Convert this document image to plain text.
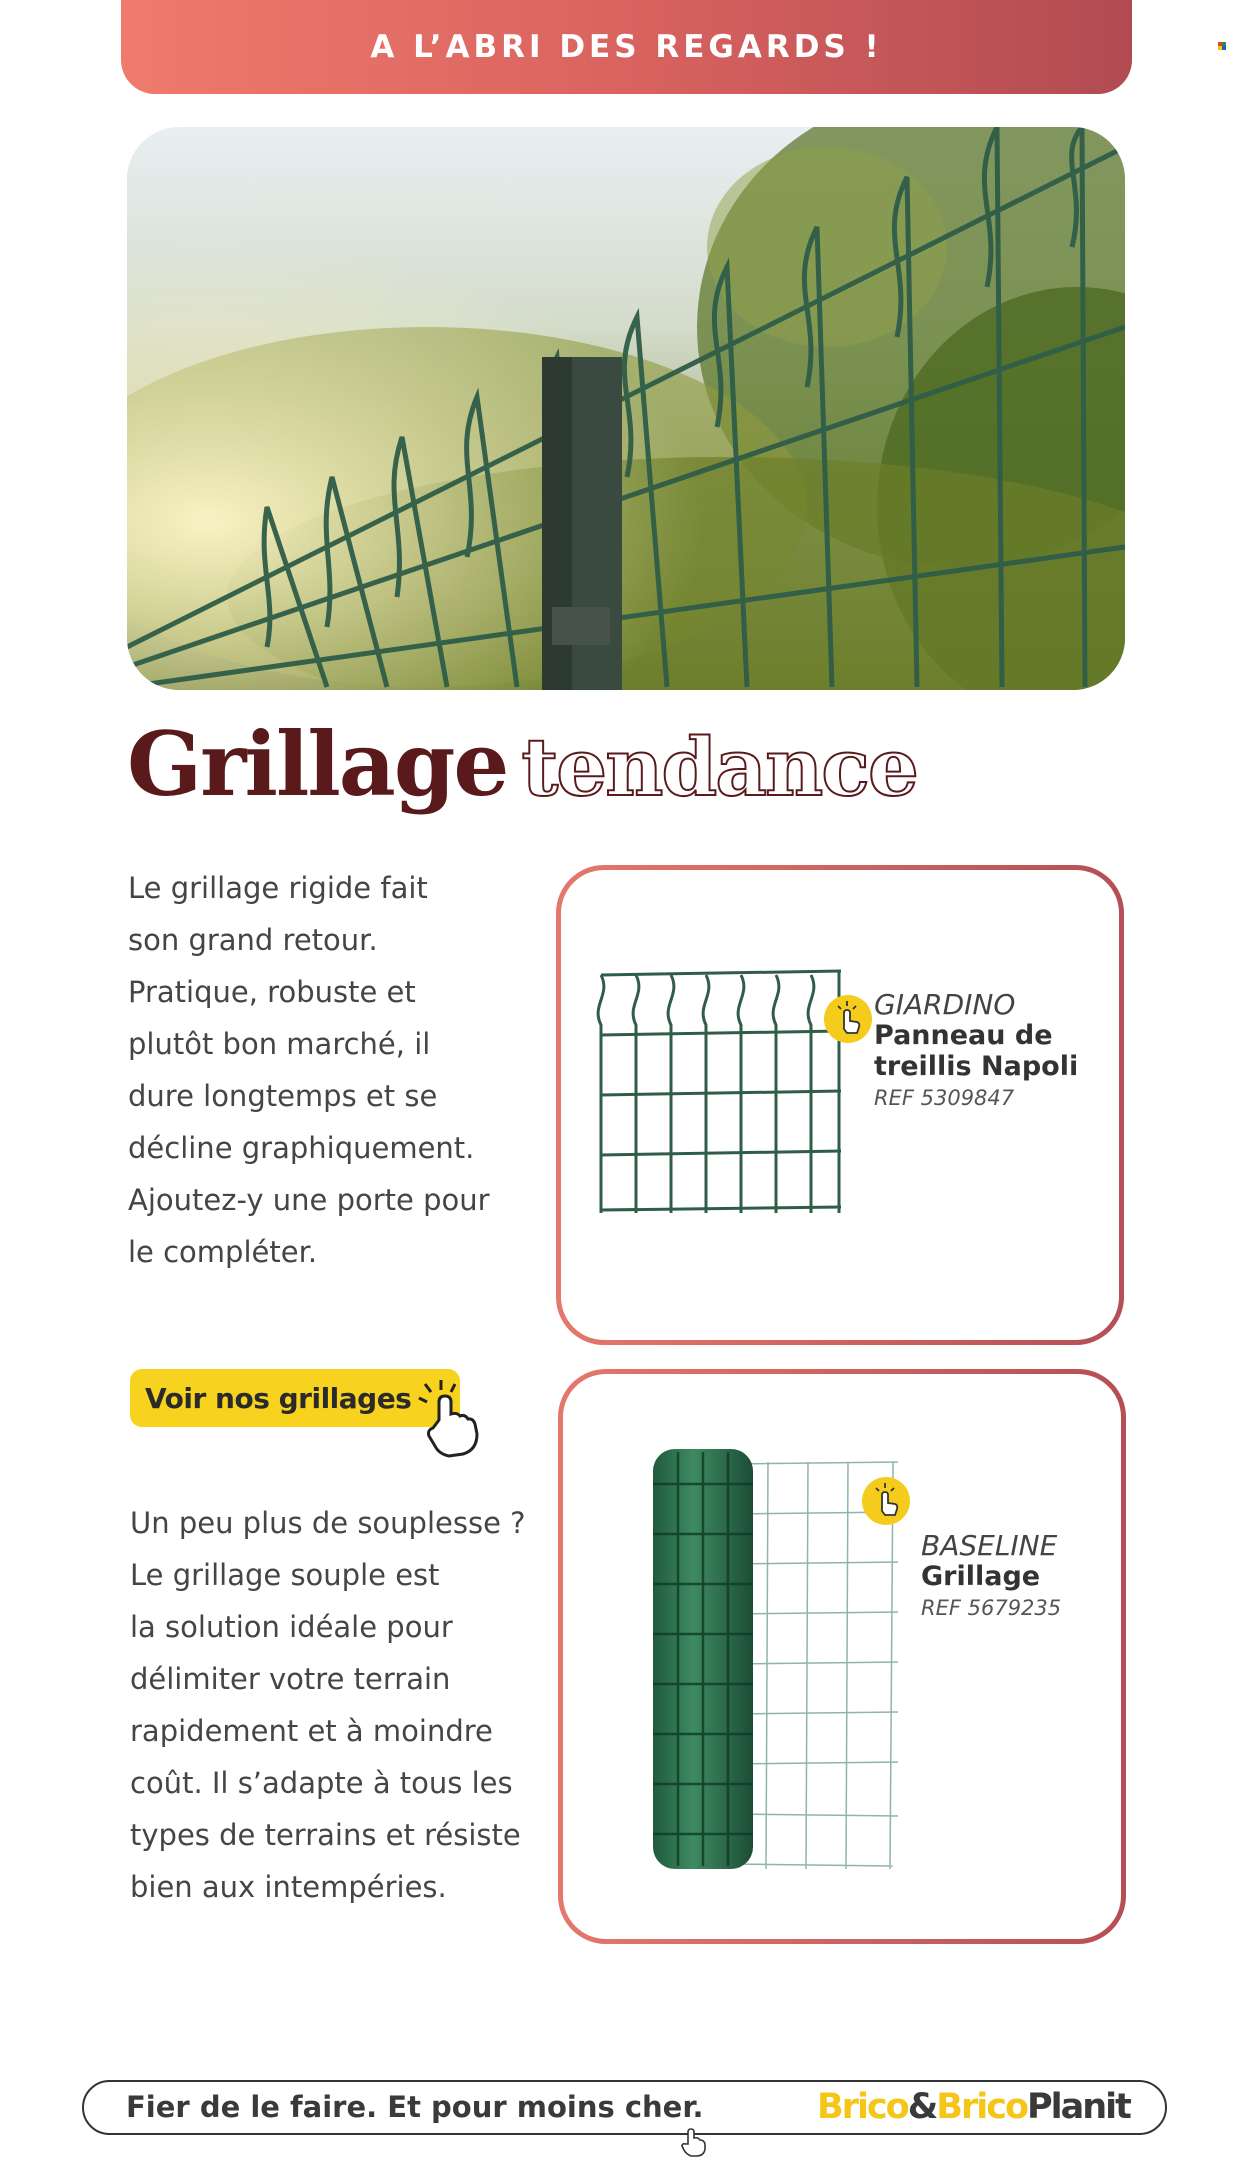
A L’ABRI DES REGARDS !
Grillage tendance
Le grillage rigide fait
son grand retour.
Pratique, robuste et
plutôt bon marché, il
dure longtemps et se
décline graphiquement.
Ajoutez-y une porte pour
le compléter.
GIARDINO
Panneau de
treillis Napoli
REF 5309847
Voir nos grillages
Un peu plus de souplesse ?
Le grillage souple est
la solution idéale pour
délimiter votre terrain
rapidement et à moindre
coût. Il s’adapte à tous les
types de terrains et résiste
bien aux intempéries.
BASELINE
Grillage
REF 5679235
Fier de le faire. Et pour moins cher.	Brico&BricoPlanit
